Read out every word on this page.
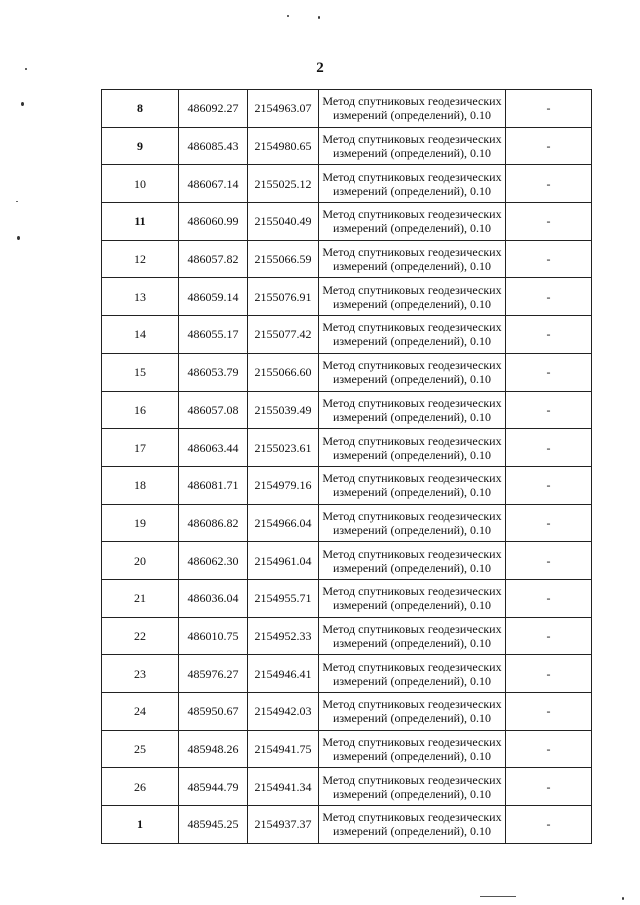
2
8	486092.27	2154963.07	Метод спутниковых геодезических измерений (определений), 0.10	-
9	486085.43	2154980.65	Метод спутниковых геодезических измерений (определений), 0.10	-
10	486067.14	2155025.12	Метод спутниковых геодезических измерений (определений), 0.10	-
11	486060.99	2155040.49	Метод спутниковых геодезических измерений (определений), 0.10	-
12	486057.82	2155066.59	Метод спутниковых геодезических измерений (определений), 0.10	-
13	486059.14	2155076.91	Метод спутниковых геодезических измерений (определений), 0.10	-
14	486055.17	2155077.42	Метод спутниковых геодезических измерений (определений), 0.10	-
15	486053.79	2155066.60	Метод спутниковых геодезических измерений (определений), 0.10	-
16	486057.08	2155039.49	Метод спутниковых геодезических измерений (определений), 0.10	-
17	486063.44	2155023.61	Метод спутниковых геодезических измерений (определений), 0.10	-
18	486081.71	2154979.16	Метод спутниковых геодезических измерений (определений), 0.10	-
19	486086.82	2154966.04	Метод спутниковых геодезических измерений (определений), 0.10	-
20	486062.30	2154961.04	Метод спутниковых геодезических измерений (определений), 0.10	-
21	486036.04	2154955.71	Метод спутниковых геодезических измерений (определений), 0.10	-
22	486010.75	2154952.33	Метод спутниковых геодезических измерений (определений), 0.10	-
23	485976.27	2154946.41	Метод спутниковых геодезических измерений (определений), 0.10	-
24	485950.67	2154942.03	Метод спутниковых геодезических измерений (определений), 0.10	-
25	485948.26	2154941.75	Метод спутниковых геодезических измерений (определений), 0.10	-
26	485944.79	2154941.34	Метод спутниковых геодезических измерений (определений), 0.10	-
1	485945.25	2154937.37	Метод спутниковых геодезических измерений (определений), 0.10	-
